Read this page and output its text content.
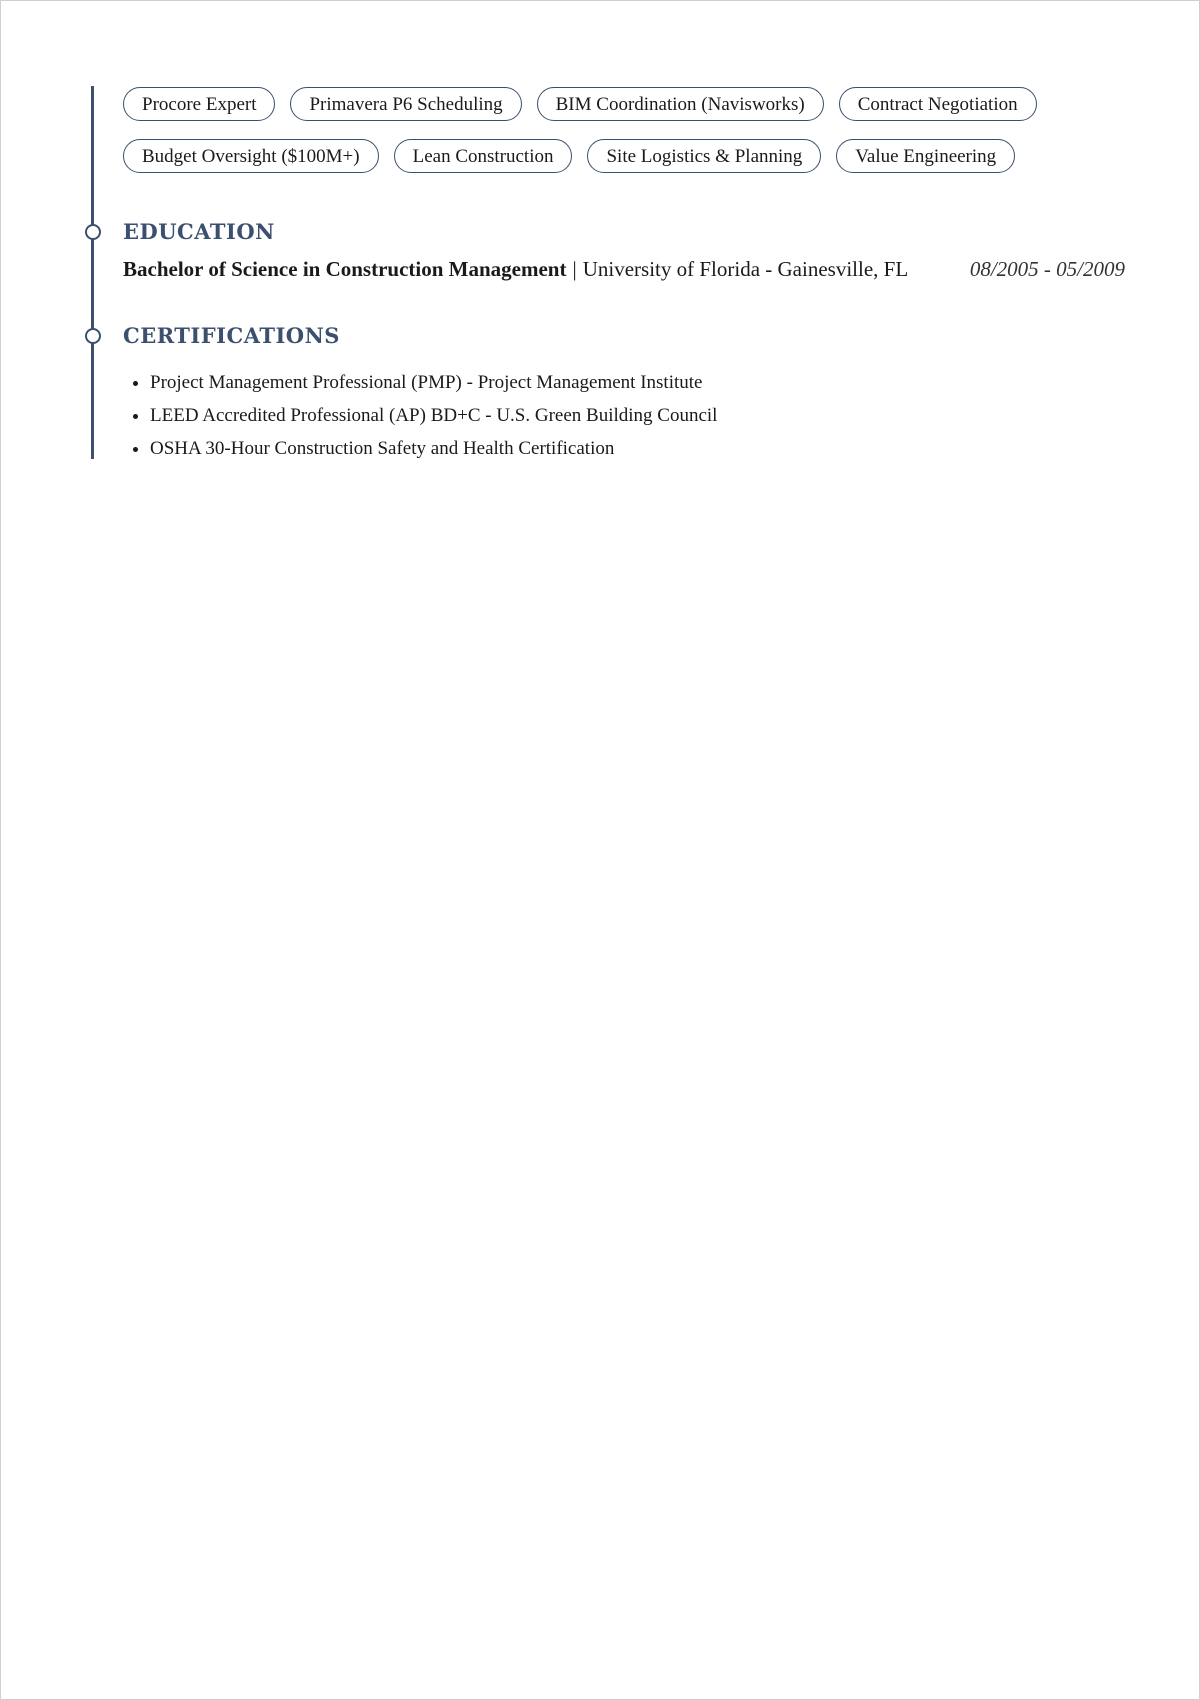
Procore Expert	Primavera P6 Scheduling	BIM Coordination (Navisworks)	Contract Negotiation
Budget Oversight ($100M+)	Lean Construction	Site Logistics & Planning	Value Engineering
EDUCATION
Bachelor of Science in Construction Management | University of Florida - Gainesville, FL	08/2005 - 05/2009
CERTIFICATIONS
• Project Management Professional (PMP) - Project Management Institute
• LEED Accredited Professional (AP) BD+C - U.S. Green Building Council
• OSHA 30-Hour Construction Safety and Health Certification
